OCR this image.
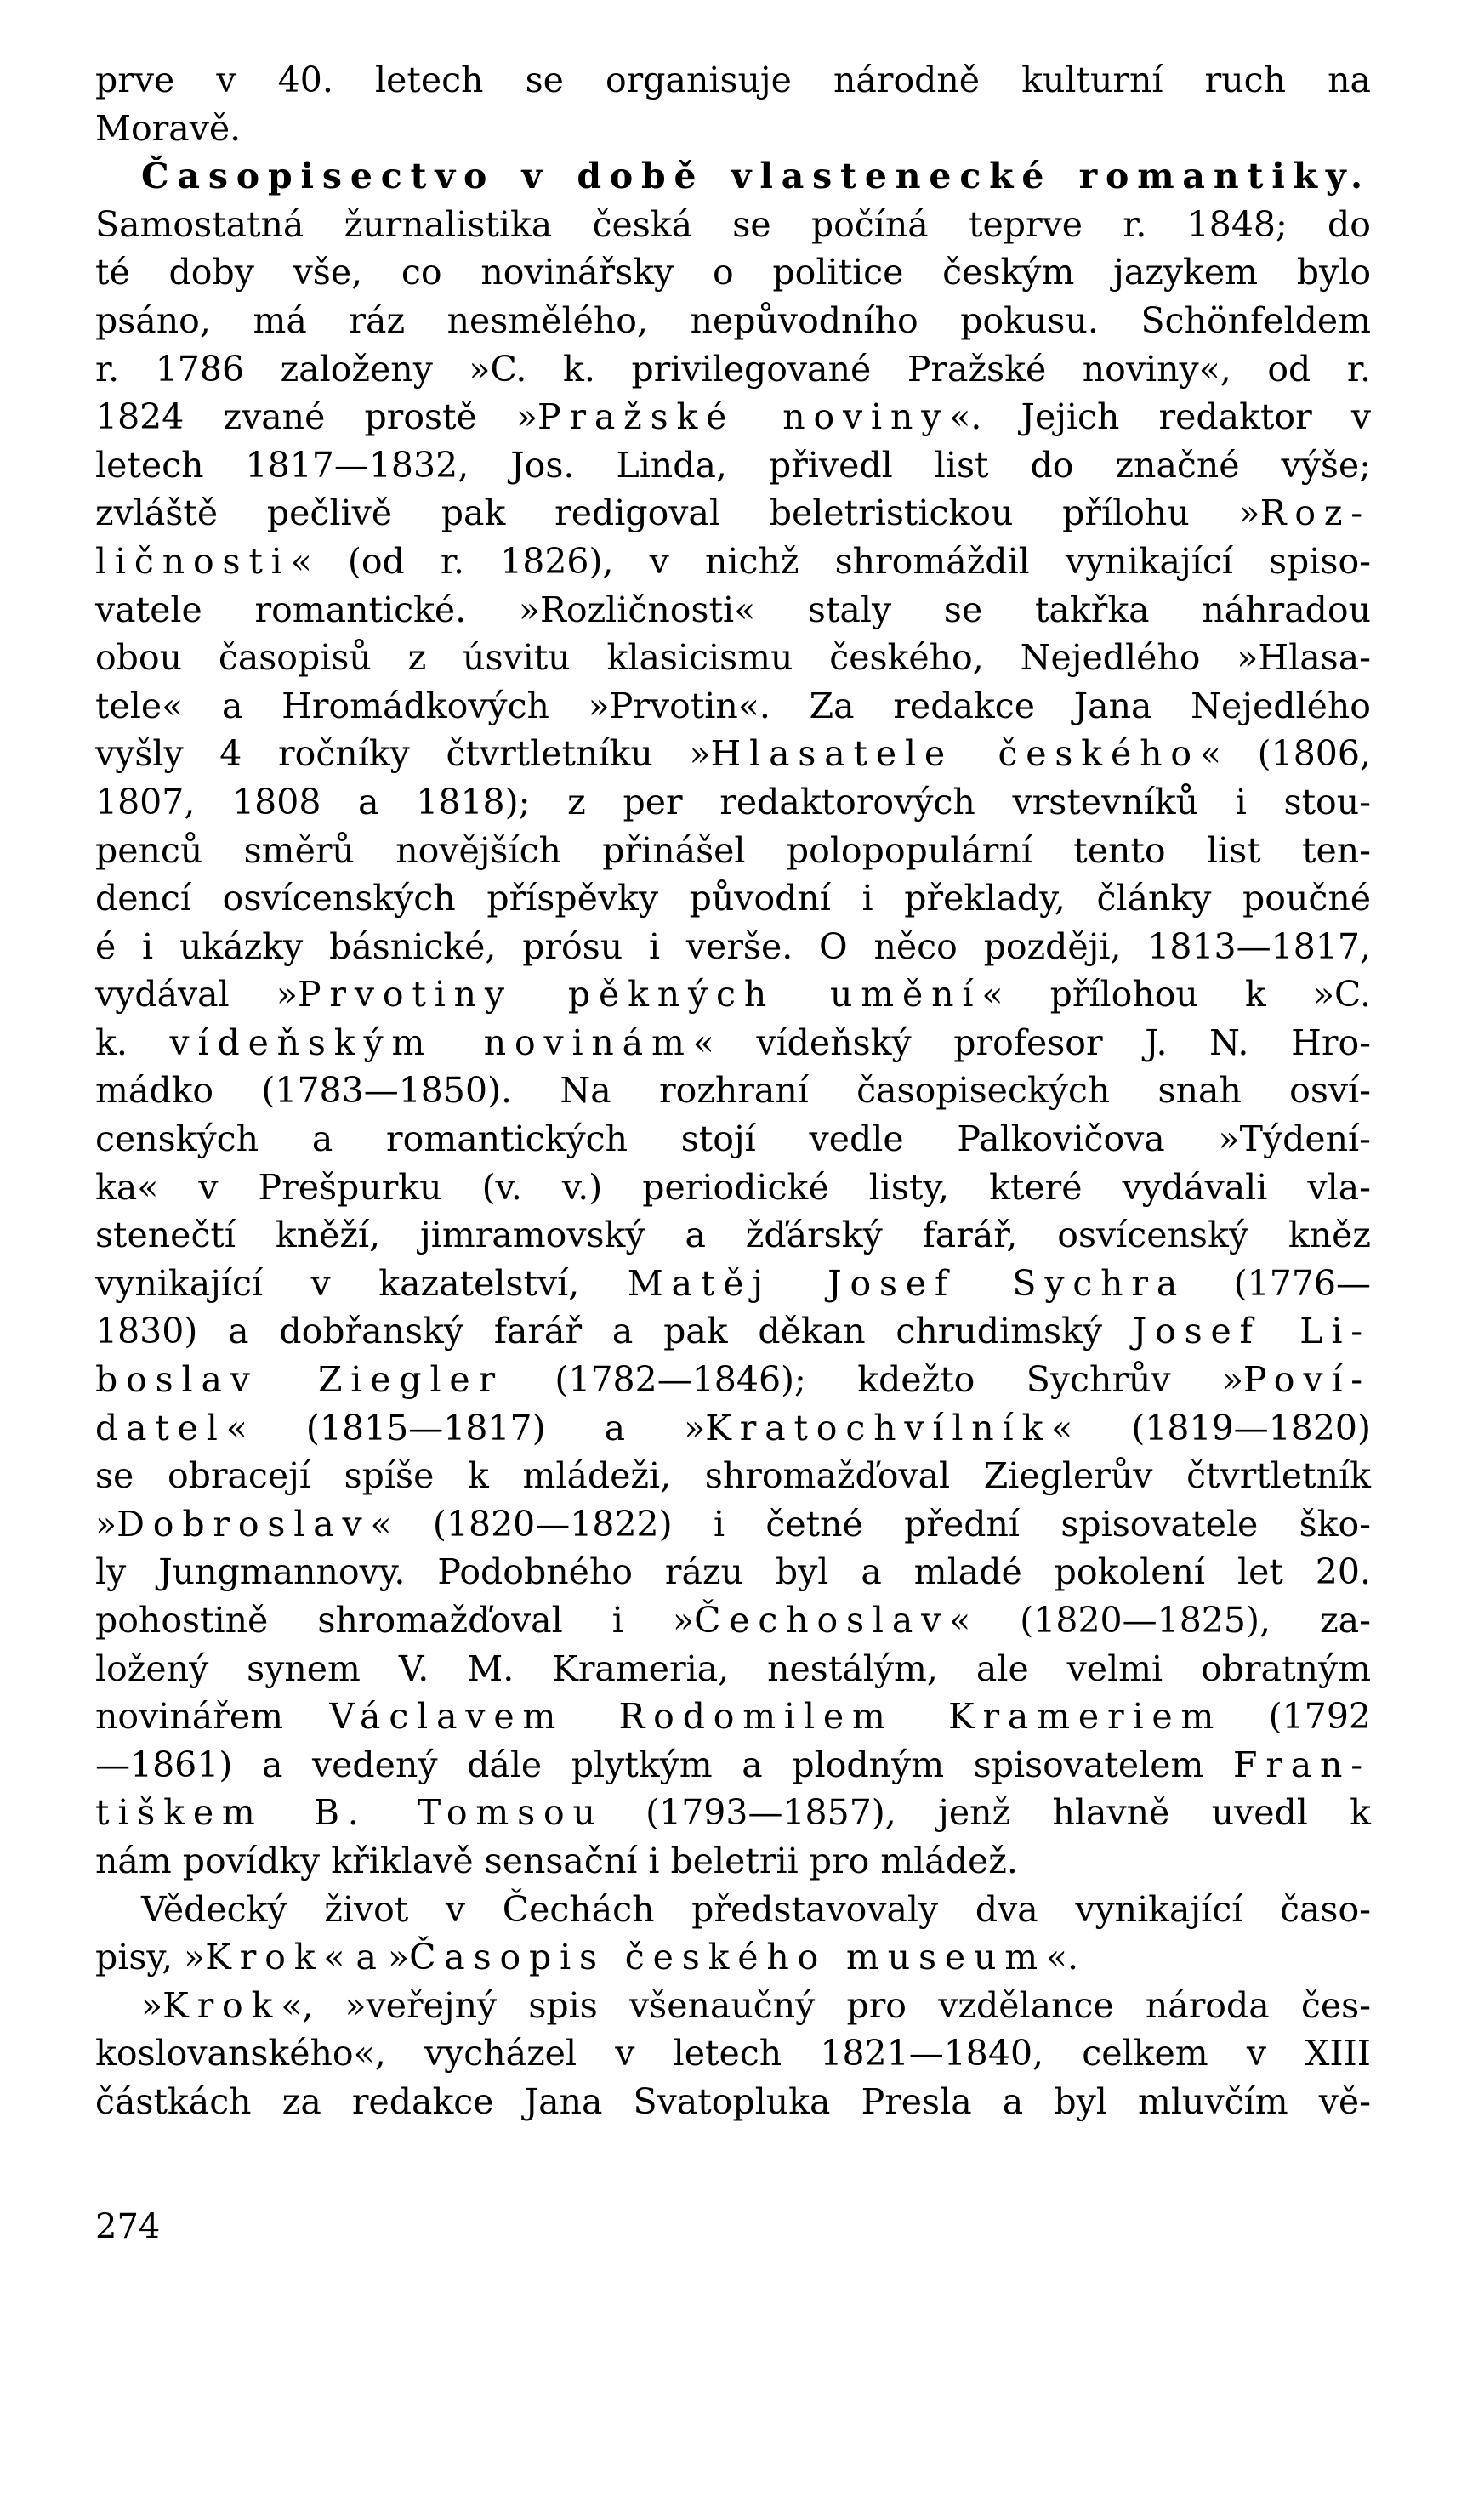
prve v 40. letech se organisuje národně kulturní ruch na
Moravě.
Časopisectvo v době vlastenecké romantiky.
Samostatná žurnalistika česká se počíná teprve r. 1848; do
té doby vše, co novinářsky o politice českým jazykem bylo
psáno, má ráz nesmělého, nepůvodního pokusu. Schönfeldem
r. 1786 založeny »C. k. privilegované Pražské noviny«, od r.
1824 zvané prostě »Pražské noviny«. Jejich redaktor v
letech 1817—1832, Jos. Linda, přivedl list do značné výše;
zvláště pečlivě pak redigoval beletristickou přílohu »Roz-
ličnosti« (od r. 1826), v nichž shromáždil vynikající spiso-
vatele romantické. »Rozličnosti« staly se takřka náhradou
obou časopisů z úsvitu klasicismu českého, Nejedlého »Hlasa-
tele« a Hromádkových »Prvotin«. Za redakce Jana Nejedlého
vyšly 4 ročníky čtvrtletníku »Hlasatele českého« (1806,
1807, 1808 a 1818); z per redaktorových vrstevníků i stou-
penců směrů novějších přinášel polopopulární tento list ten-
dencí osvícenských příspěvky původní i překlady, články poučné
é i ukázky básnické, prósu i verše. O něco později, 1813—1817,
vydával »Prvotiny pěkných umění« přílohou k »C.
k. vídeňským novinám« vídeňský profesor J. N. Hro-
mádko (1783—1850). Na rozhraní časopiseckých snah osví-
cenských a romantických stojí vedle Palkovičova »Týdení-
ka« v Prešpurku (v. v.) periodické listy, které vydávali vla-
stenečtí kněží, jimramovský a žďárský farář, osvícenský kněz
vynikající v kazatelství, Matěj Josef Sychra (1776—
1830) a dobřanský farář a pak děkan chrudimský Josef Li-
boslav Ziegler (1782—1846); kdežto Sychrův »Poví-
datel« (1815—1817) a »Kratochvílník« (1819—1820)
se obracejí spíše k mládeži, shromažďoval Zieglerův čtvrtletník
»Dobroslav« (1820—1822) i četné přední spisovatele ško-
ly Jungmannovy. Podobného rázu byl a mladé pokolení let 20.
pohostině shromažďoval i »Čechoslav« (1820—1825), za-
ložený synem V. M. Krameria, nestálým, ale velmi obratným
novinářem Václavem Rodomilem Krameriem (1792
—1861) a vedený dále plytkým a plodným spisovatelem Fran-
tiškem B. Tomsou (1793—1857), jenž hlavně uvedl k
nám povídky křiklavě sensační i beletrii pro mládež.
Vědecký život v Čechách představovaly dva vynikající časo-
pisy, »Krok« a »Časopis českého museum«.
»Krok«, »veřejný spis všenaučný pro vzdělance národa čes-
koslovanského«, vycházel v letech 1821—1840, celkem v XIII
částkách za redakce Jana Svatopluka Presla a byl mluvčím vě-
274
